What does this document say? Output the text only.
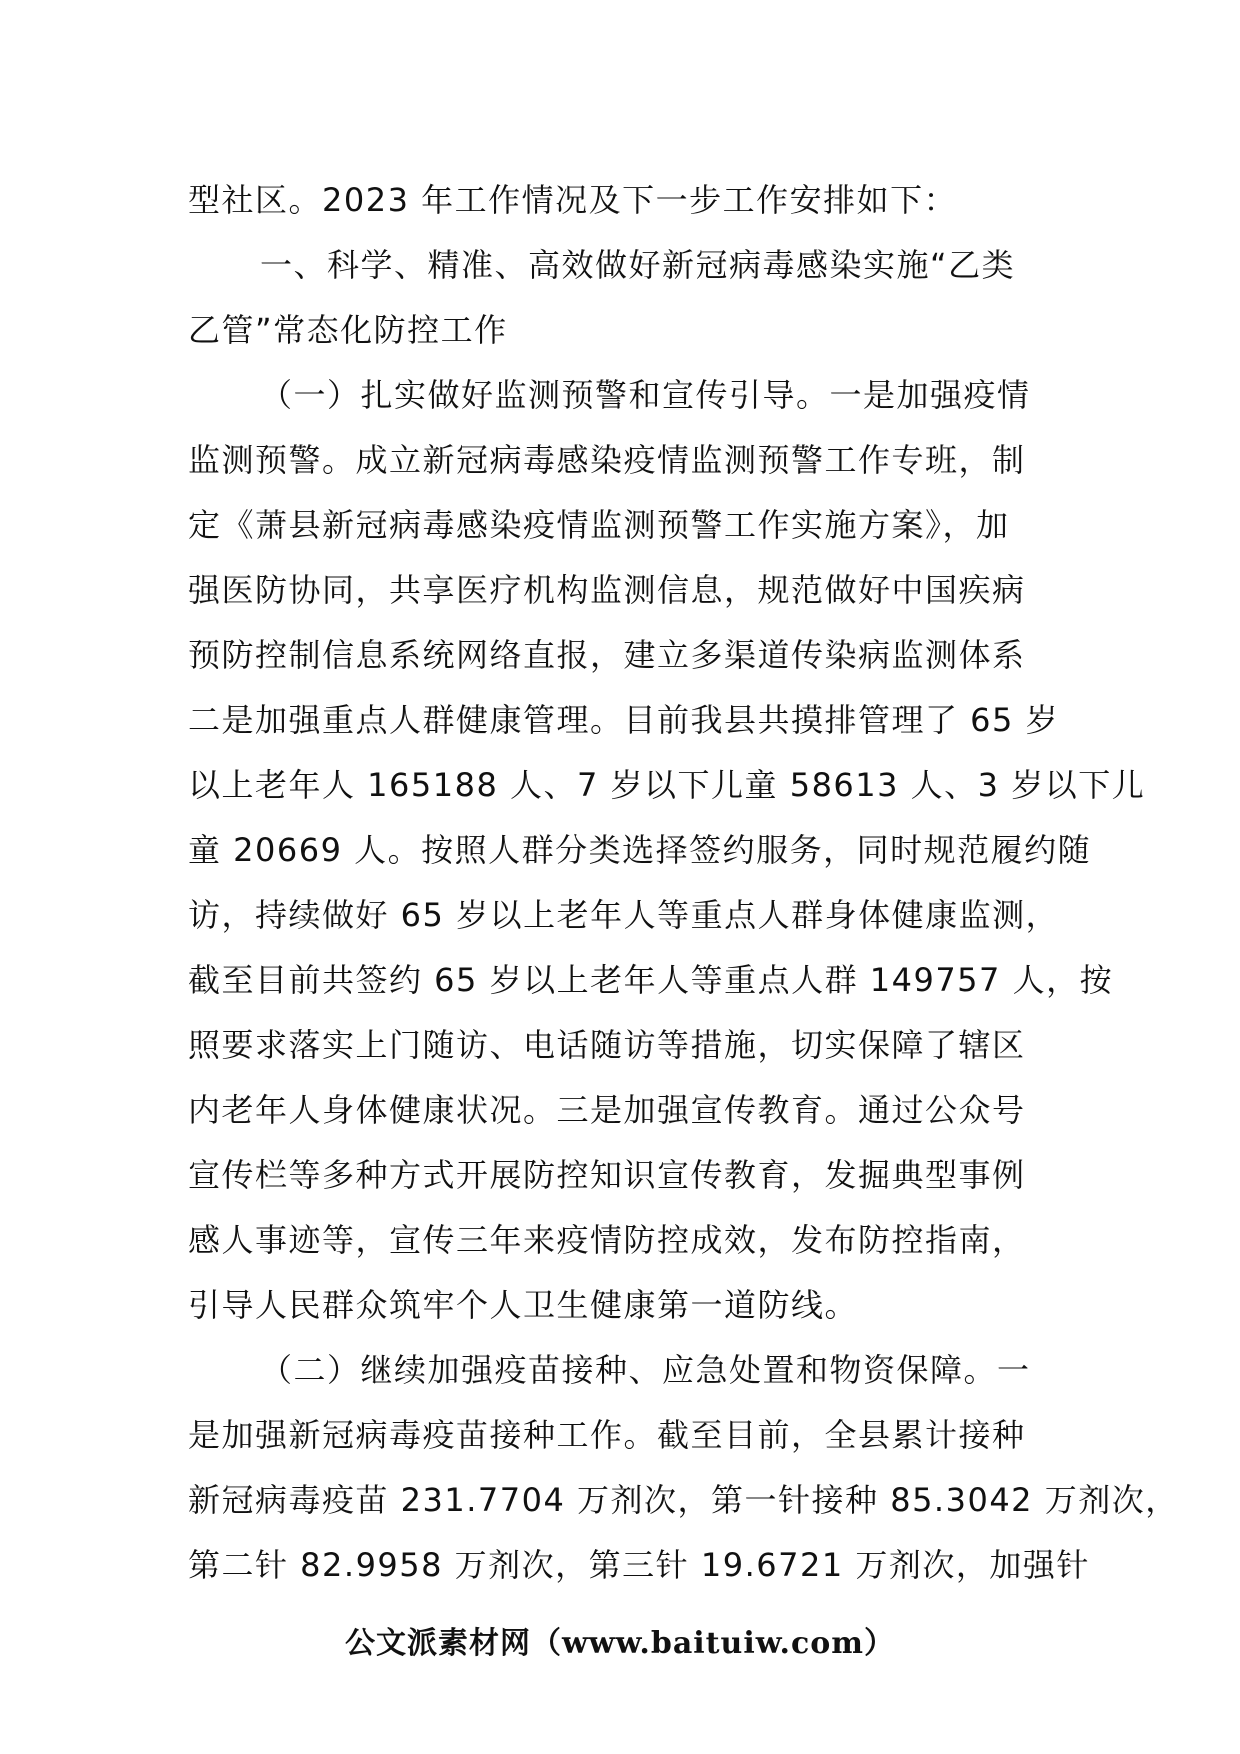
型社区。2023 年工作情况及下一步工作安排如下：
一、科学、精准、高效做好新冠病毒感染实施“乙类
乙管”常态化防控工作
（一）扎实做好监测预警和宣传引导。一是加强疫情
监测预警。成立新冠病毒感染疫情监测预警工作专班，制
定《萧县新冠病毒感染疫情监测预警工作实施方案》，加
强医防协同，共享医疗机构监测信息，规范做好中国疾病
预防控制信息系统网络直报，建立多渠道传染病监测体系
二是加强重点人群健康管理。目前我县共摸排管理了 65 岁
以上老年人 165188 人、7 岁以下儿童 58613 人、3 岁以下儿
童 20669 人。按照人群分类选择签约服务，同时规范履约随
访，持续做好 65 岁以上老年人等重点人群身体健康监测，
截至目前共签约 65 岁以上老年人等重点人群 149757 人，按
照要求落实上门随访、电话随访等措施，切实保障了辖区
内老年人身体健康状况。三是加强宣传教育。通过公众号
宣传栏等多种方式开展防控知识宣传教育，发掘典型事例
感人事迹等，宣传三年来疫情防控成效，发布防控指南，
引导人民群众筑牢个人卫生健康第一道防线。
（二）继续加强疫苗接种、应急处置和物资保障。一
是加强新冠病毒疫苗接种工作。截至目前，全县累计接种
新冠病毒疫苗 231.7704 万剂次，第一针接种 85.3042 万剂次，
第二针 82.9958 万剂次，第三针 19.6721 万剂次，加强针
公文派素材网（www.baituiw.com）
